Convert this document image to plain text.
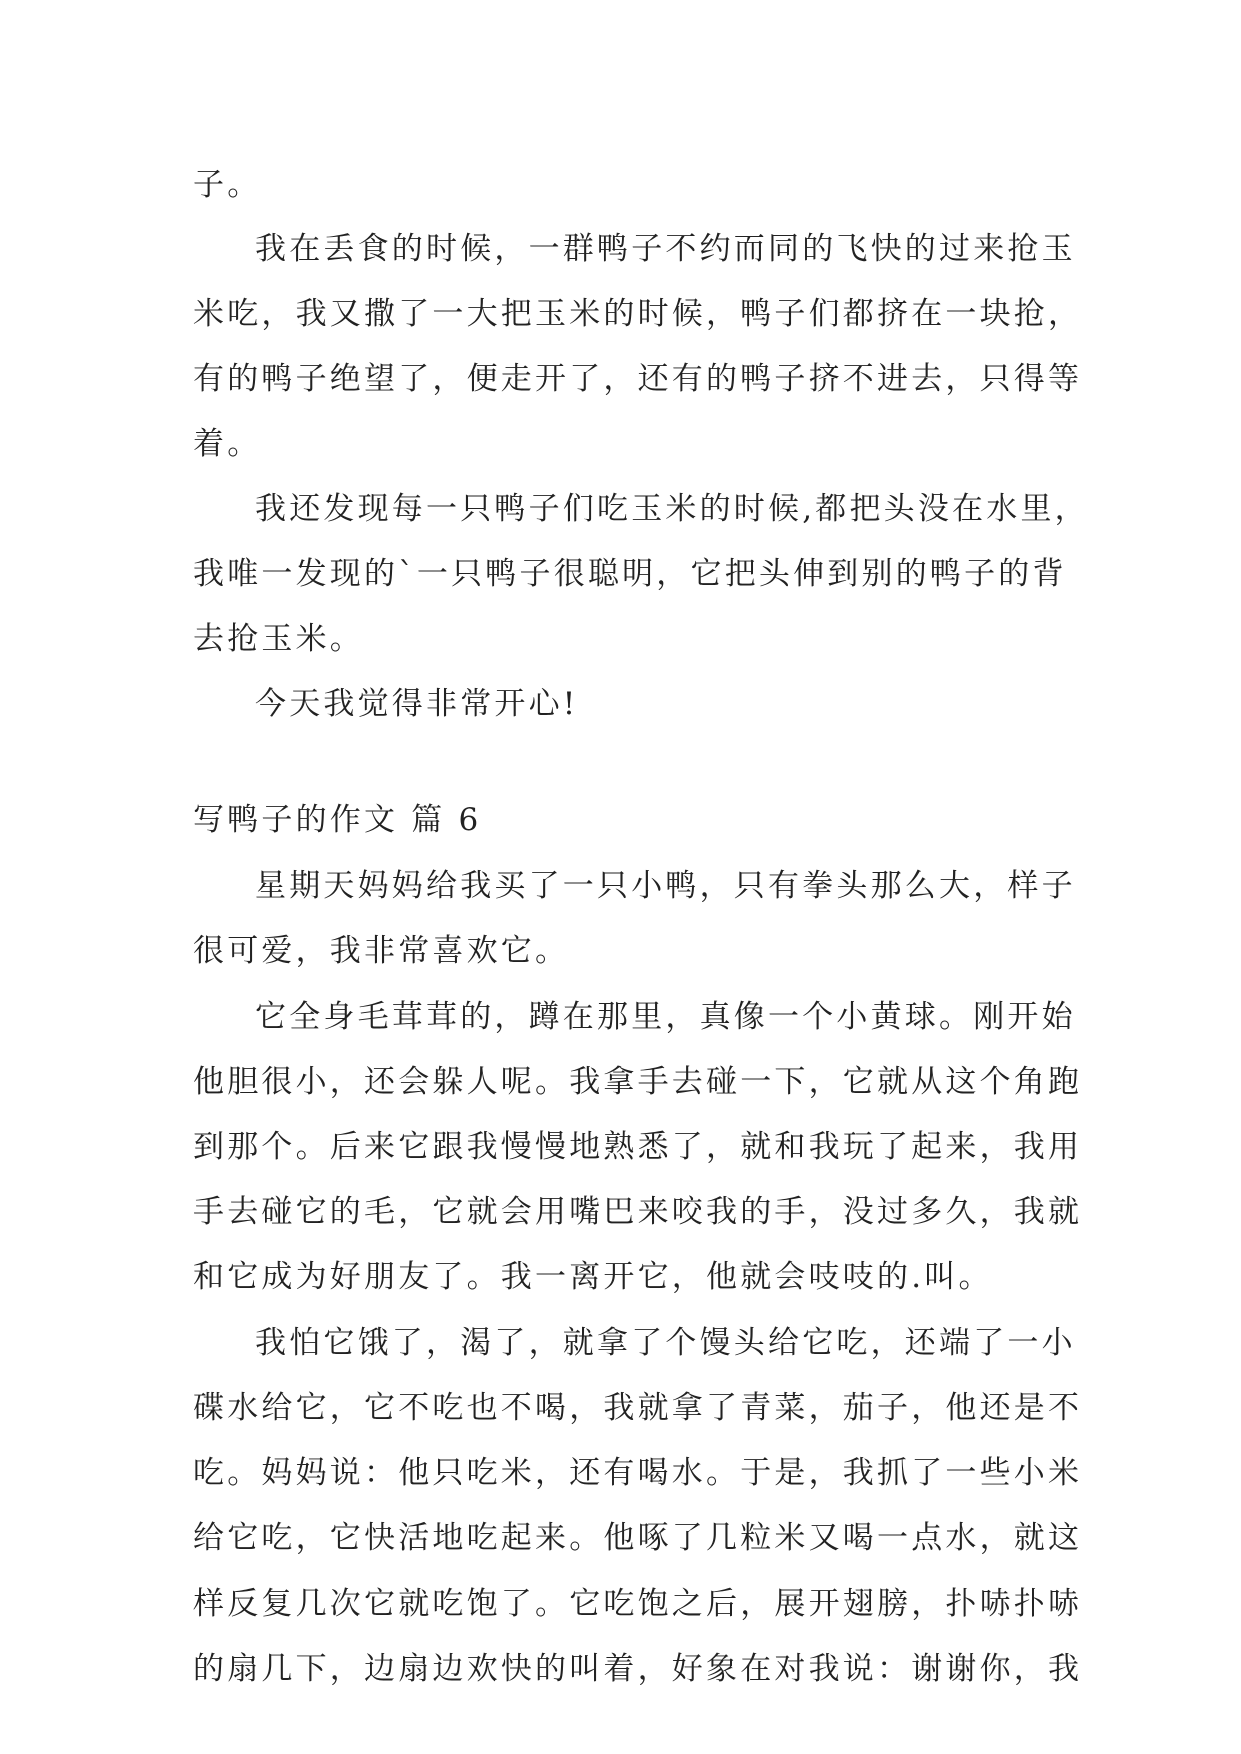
子。
我在丢食的时候，一群鸭子不约而同的飞快的过来抢玉
米吃，我又撒了一大把玉米的时候，鸭子们都挤在一块抢，
有的鸭子绝望了，便走开了，还有的鸭子挤不进去，只得等
着。
我还发现每一只鸭子们吃玉米的时候,都把头没在水里，
我唯一发现的`一只鸭子很聪明，它把头伸到别的鸭子的背
去抢玉米。
今天我觉得非常开心!
写鸭子的作文 篇 6
星期天妈妈给我买了一只小鸭，只有拳头那么大，样子
很可爱，我非常喜欢它。
它全身毛茸茸的，蹲在那里，真像一个小黄球。刚开始
他胆很小，还会躲人呢。我拿手去碰一下，它就从这个角跑
到那个。后来它跟我慢慢地熟悉了，就和我玩了起来，我用
手去碰它的毛，它就会用嘴巴来咬我的手，没过多久，我就
和它成为好朋友了。我一离开它，他就会吱吱的.叫。
我怕它饿了，渴了，就拿了个馒头给它吃，还端了一小
碟水给它，它不吃也不喝，我就拿了青菜，茄子，他还是不
吃。妈妈说：他只吃米，还有喝水。于是，我抓了一些小米
给它吃，它快活地吃起来。他啄了几粒米又喝一点水，就这
样反复几次它就吃饱了。它吃饱之后，展开翅膀，扑哧扑哧
的扇几下，边扇边欢快的叫着，好象在对我说：谢谢你，我
